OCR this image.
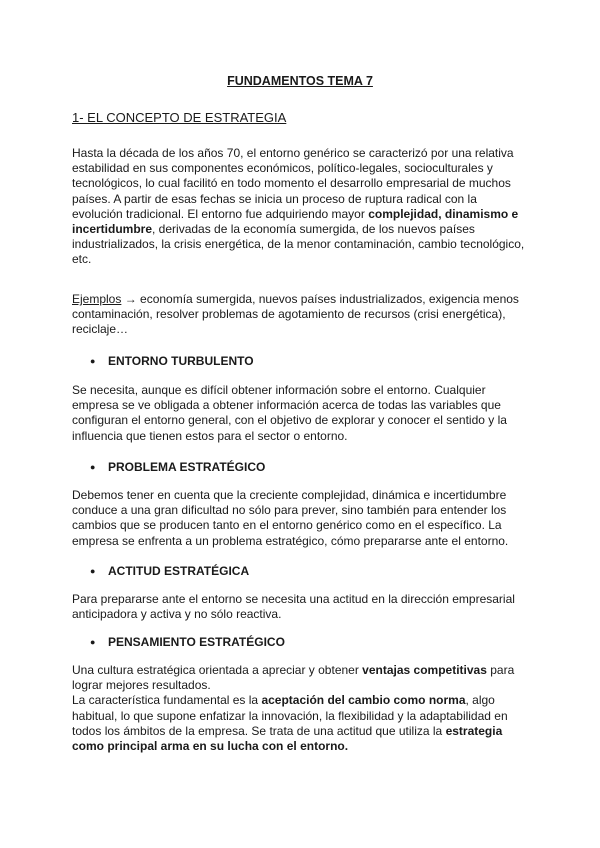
FUNDAMENTOS TEMA 7
1- EL CONCEPTO DE ESTRATEGIA

Hasta la década de los años 70, el entorno genérico se caracterizó por una relativa estabilidad en sus componentes económicos, político-legales, socioculturales y tecnológicos, lo cual facilitó en todo momento el desarrollo empresarial de muchos países. A partir de esas fechas se inicia un proceso de ruptura radical con la evolución tradicional. El entorno fue adquiriendo mayor complejidad, dinamismo e incertidumbre, derivadas de la economía sumergida, de los nuevos países industrializados, la crisis energética, de la menor contaminación, cambio tecnológico, etc.

Ejemplos → economía sumergida, nuevos países industrializados, exigencia menos contaminación, resolver problemas de agotamiento de recursos (crisi energética), reciclaje…

● ENTORNO TURBULENTO

Se necesita, aunque es difícil obtener información sobre el entorno. Cualquier empresa se ve obligada a obtener información acerca de todas las variables que configuran el entorno general, con el objetivo de explorar y conocer el sentido y la influencia que tienen estos para el sector o entorno.

● PROBLEMA ESTRATÉGICO

Debemos tener en cuenta que la creciente complejidad, dinámica e incertidumbre conduce a una gran dificultad no sólo para prever, sino también para entender los cambios que se producen tanto en el entorno genérico como en el específico. La empresa se enfrenta a un problema estratégico, cómo prepararse ante el entorno.

● ACTITUD ESTRATÉGICA

Para prepararse ante el entorno se necesita una actitud en la dirección empresarial anticipadora y activa y no sólo reactiva.

● PENSAMIENTO ESTRATÉGICO

Una cultura estratégica orientada a apreciar y obtener ventajas competitivas para lograr mejores resultados.

La característica fundamental es la aceptación del cambio como norma, algo habitual, lo que supone enfatizar la innovación, la flexibilidad y la adaptabilidad en todos los ámbitos de la empresa. Se trata de una actitud que utiliza la estrategia como principal arma en su lucha con el entorno.
